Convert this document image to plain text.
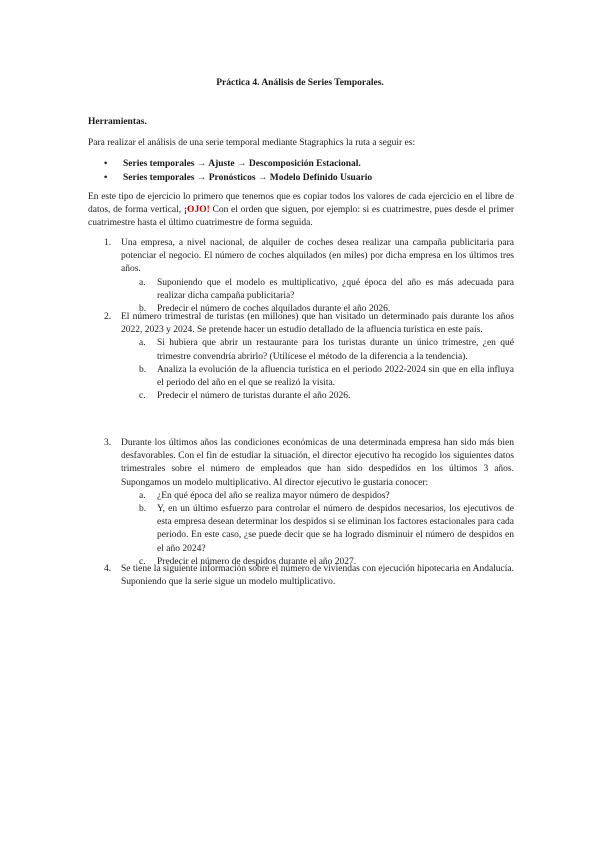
Práctica 4. Análisis de Series Temporales.
Herramientas.
Para realizar el análisis de una serie temporal mediante Stagraphics la ruta a seguir es:
• Series temporales → Ajuste → Descomposición Estacional.
• Series temporales → Pronósticos → Modelo Definido Usuario
En este tipo de ejercicio lo primero que tenemos que es copiar todos los valores de cada ejercicio en el libre de datos, de forma vertical, ¡OJO! Con el orden que siguen, por ejemplo: si es cuatrimestre, pues desde el primer cuatrimestre hasta el último cuatrimestre de forma seguida.
1. Una empresa, a nivel nacional, de alquiler de coches desea realizar una campaña publicitaria para potenciar el negocio. El número de coches alquilados (en miles) por dicha empresa en los últimos tres años.
a. Suponiendo que el modelo es multiplicativo, ¿qué época del año es más adecuada para realizar dicha campaña publicitaria?
b. Predecir el número de coches alquilados durante el año 2026.
2. El número trimestral de turistas (en millones) que han visitado un determinado país durante los años 2022, 2023 y 2024. Se pretende hacer un estudio detallado de la afluencia turística en este país.
a. Si hubiera que abrir un restaurante para los turistas durante un único trimestre, ¿en qué trimestre convendría abrirlo? (Utilícese el método de la diferencia a la tendencia).
b. Analiza la evolución de la afluencia turística en el periodo 2022-2024 sin que en ella influya el periodo del año en el que se realizó la visita.
c. Predecir el número de turistas durante el año 2026.
3. Durante los últimos años las condiciones económicas de una determinada empresa han sido más bien desfavorables. Con el fin de estudiar la situación, el director ejecutivo ha recogido los siguientes datos trimestrales sobre el número de empleados que han sido despedidos en los últimos 3 años. Supongamos un modelo multiplicativo. Al director ejecutivo le gustaría conocer:
a. ¿En qué época del año se realiza mayor número de despidos?
b. Y, en un último esfuerzo para controlar el número de despidos necesarios, los ejecutivos de esta empresa desean determinar los despidos si se eliminan los factores estacionales para cada periodo. En este caso, ¿se puede decir que se ha logrado disminuir el número de despidos en el año 2024?
c. Predecir el número de despidos durante el año 2027.
4. Se tiene la siguiente información sobre el número de viviendas con ejecución hipotecaria en Andalucía. Suponiendo que la serie sigue un modelo multiplicativo.
